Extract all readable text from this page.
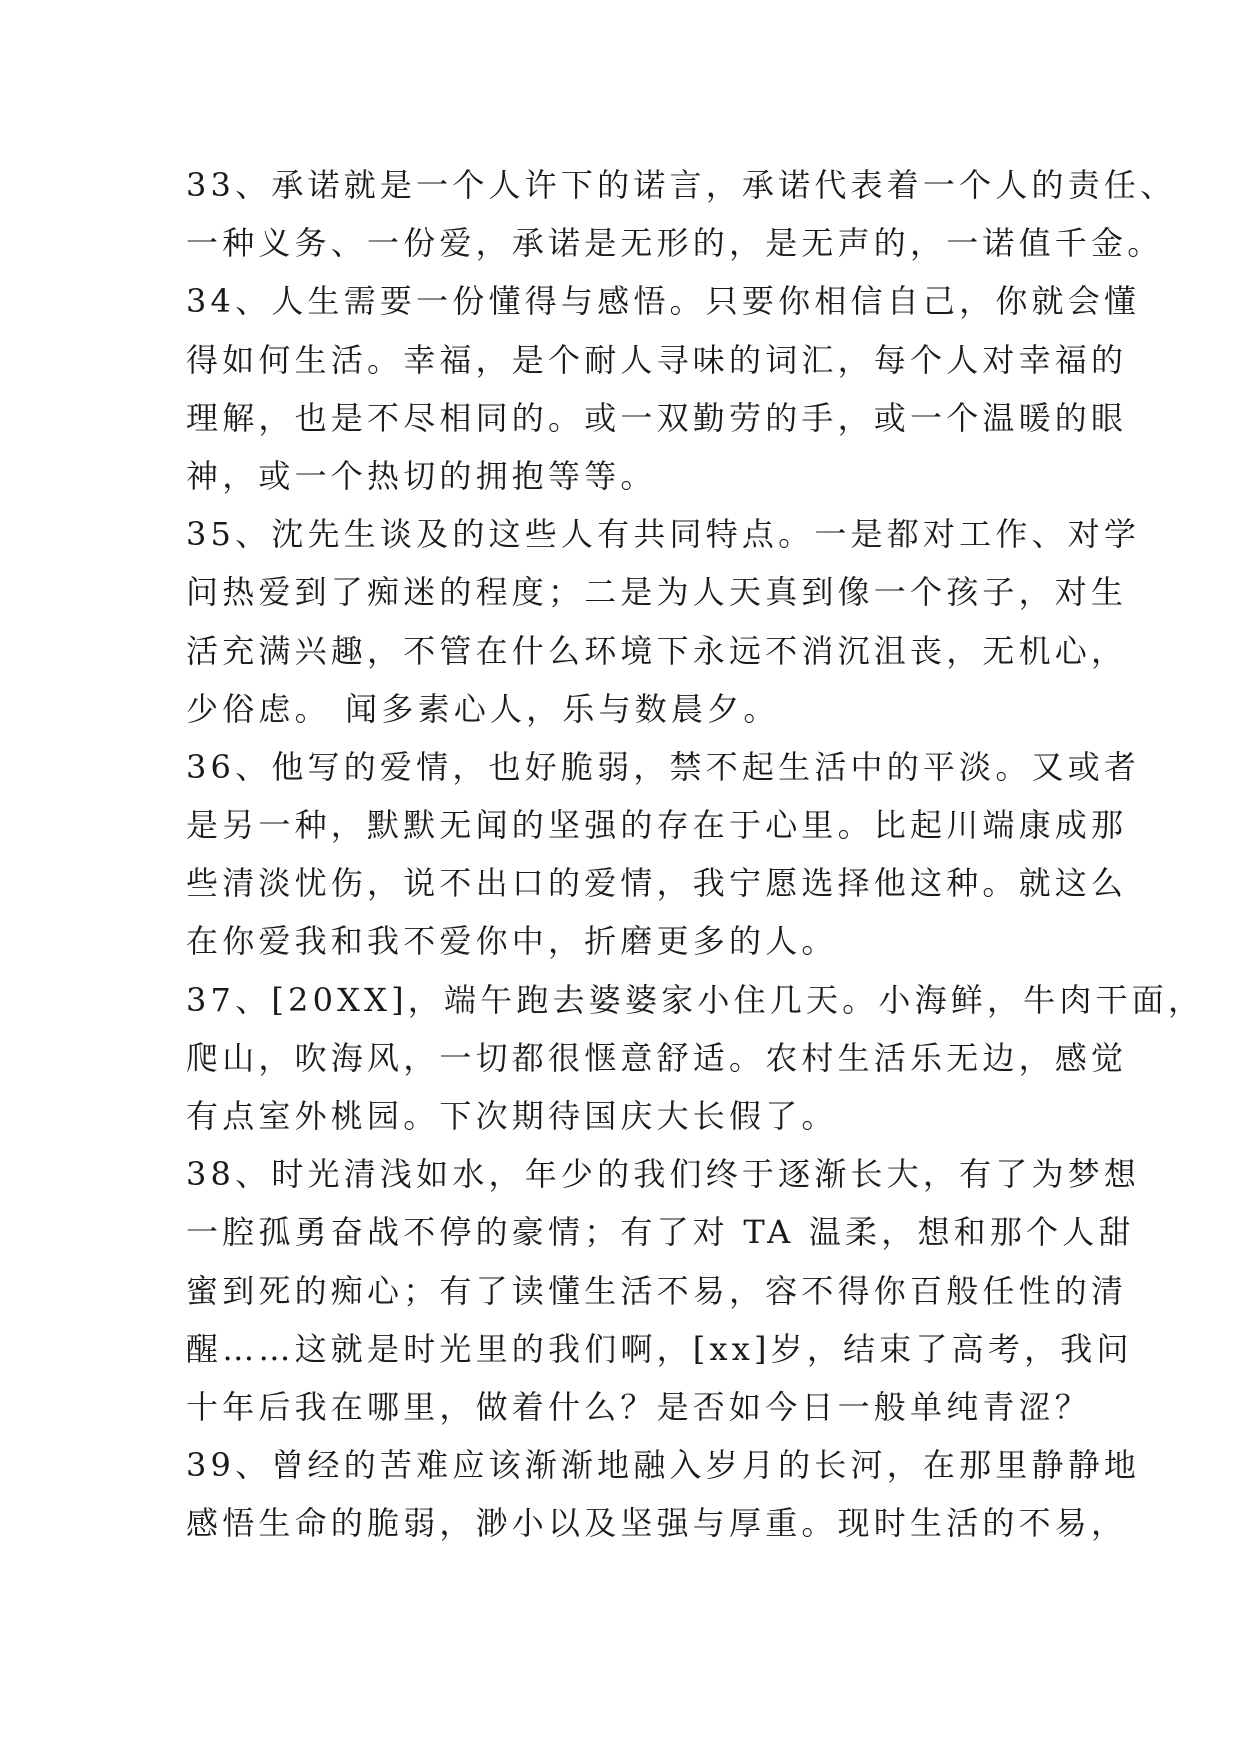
33、承诺就是一个人许下的诺言，承诺代表着一个人的责任、
一种义务、一份爱，承诺是无形的，是无声的，一诺值千金。
34、人生需要一份懂得与感悟。只要你相信自己，你就会懂
得如何生活。幸福，是个耐人寻味的词汇，每个人对幸福的
理解，也是不尽相同的。或一双勤劳的手，或一个温暖的眼
神，或一个热切的拥抱等等。
35、沈先生谈及的这些人有共同特点。一是都对工作、对学
问热爱到了痴迷的程度；二是为人天真到像一个孩子，对生
活充满兴趣，不管在什么环境下永远不消沉沮丧，无机心，
少俗虑。 闻多素心人，乐与数晨夕。
36、他写的爱情，也好脆弱，禁不起生活中的平淡。又或者
是另一种，默默无闻的坚强的存在于心里。比起川端康成那
些清淡忧伤，说不出口的爱情，我宁愿选择他这种。就这么
在你爱我和我不爱你中，折磨更多的人。
37、[20XX]，端午跑去婆婆家小住几天。小海鲜，牛肉干面，
爬山，吹海风，一切都很惬意舒适。农村生活乐无边，感觉
有点室外桃园。下次期待国庆大长假了。
38、时光清浅如水，年少的我们终于逐渐长大，有了为梦想
一腔孤勇奋战不停的豪情；有了对 TA 温柔，想和那个人甜
蜜到死的痴心；有了读懂生活不易，容不得你百般任性的清
醒……这就是时光里的我们啊，[xx]岁，结束了高考，我问
十年后我在哪里，做着什么？是否如今日一般单纯青涩？
39、曾经的苦难应该渐渐地融入岁月的长河，在那里静静地
感悟生命的脆弱，渺小以及坚强与厚重。现时生活的不易，
